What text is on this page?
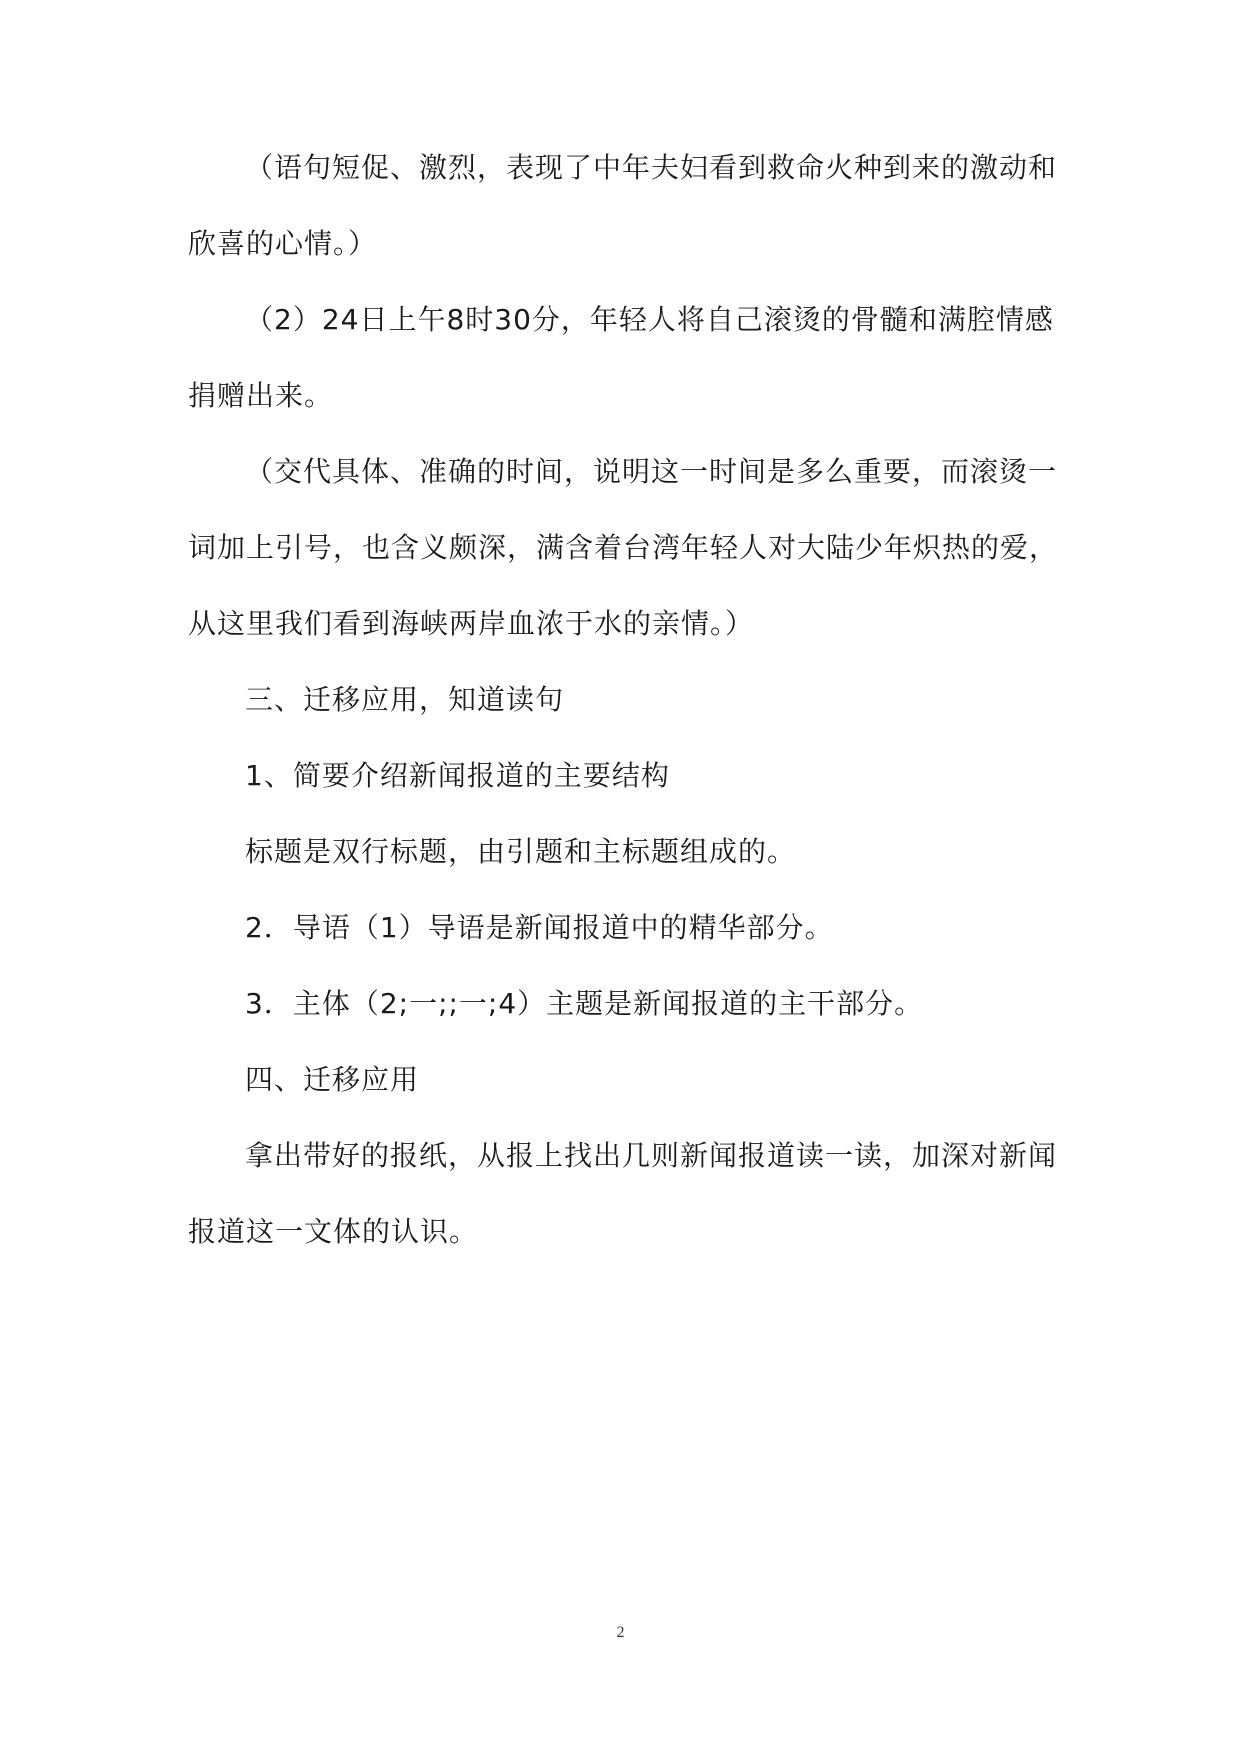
（语句短促、激烈，表现了中年夫妇看到救命火种到来的激动和欣喜的心情。）

（2）24日上午8时30分，年轻人将自己滚烫的骨髓和满腔情感捐赠出来。

（交代具体、准确的时间，说明这一时间是多么重要，而滚烫一词加上引号，也含义颇深，满含着台湾年轻人对大陆少年炽热的爱，从这里我们看到海峡两岸血浓于水的亲情。）

三、迁移应用，知道读句

1、简要介绍新闻报道的主要结构

标题是双行标题，由引题和主标题组成的。

2．导语（1）导语是新闻报道中的精华部分。

3．主体（2;一;;一;4）主题是新闻报道的主干部分。

四、迁移应用

拿出带好的报纸，从报上找出几则新闻报道读一读，加深对新闻报道这一文体的认识。

2
